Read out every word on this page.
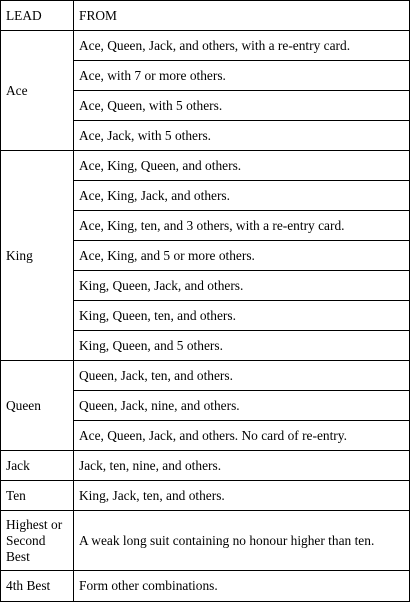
LEAD	FROM
Ace	Ace, Queen, Jack, and others, with a re-entry card.
	Ace, with 7 or more others.
	Ace, Queen, with 5 others.
	Ace, Jack, with 5 others.
King	Ace, King, Queen, and others.
	Ace, King, Jack, and others.
	Ace, King, ten, and 3 others, with a re-entry card.
	Ace, King, and 5 or more others.
	King, Queen, Jack, and others.
	King, Queen, ten, and others.
	King, Queen, and 5 others.
Queen	Queen, Jack, ten, and others.
	Queen, Jack, nine, and others.
	Ace, Queen, Jack, and others. No card of re-entry.
Jack	Jack, ten, nine, and others.
Ten	King, Jack, ten, and others.
Highest or Second Best	A weak long suit containing no honour higher than ten.
4th Best	Form other combinations.
